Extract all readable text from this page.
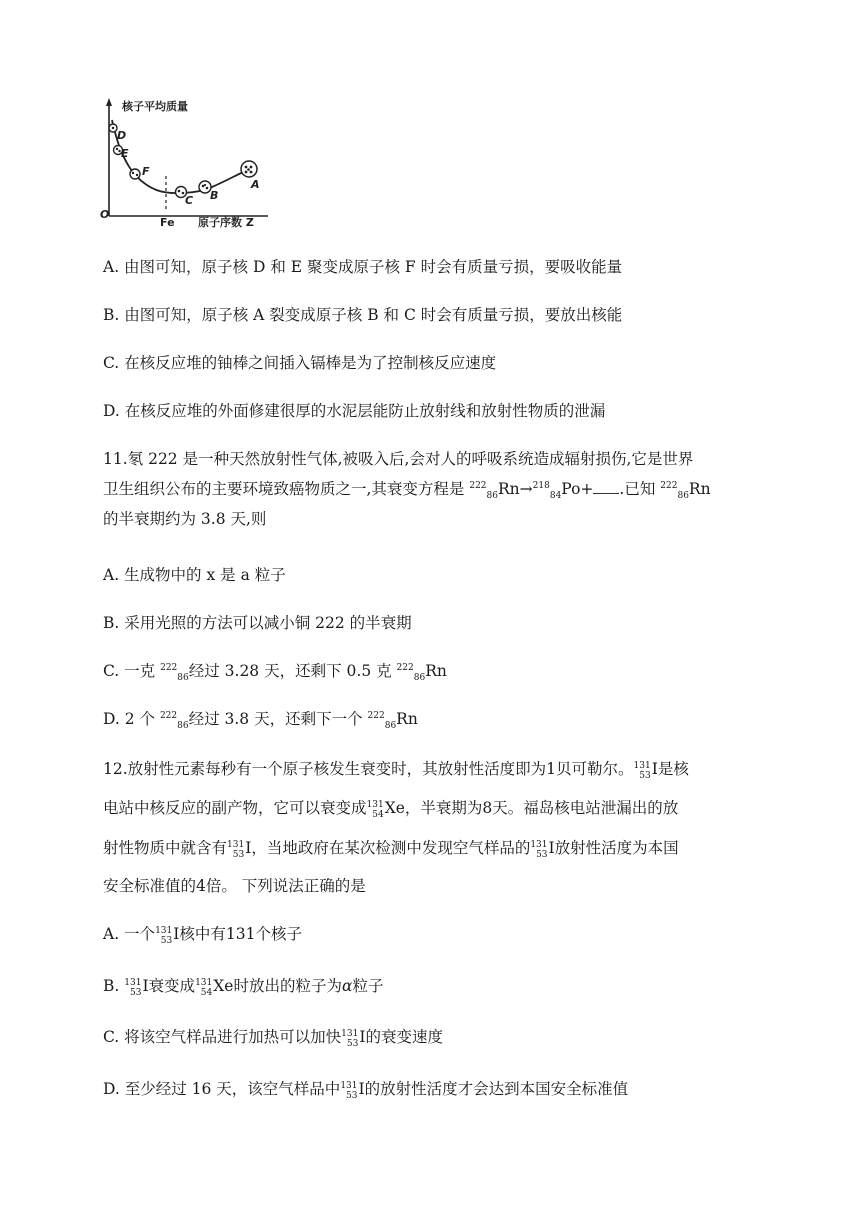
核子平均质量
D
E
F
C B
A
O
Fe 原子序数 Z
A. 由图可知，原子核 D 和 E 聚变成原子核 F 时会有质量亏损，要吸收能量
B. 由图可知，原子核 A 裂变成原子核 B 和 C 时会有质量亏损，要放出核能
C. 在核反应堆的铀棒之间插入镉棒是为了控制核反应速度
D. 在核反应堆的外面修建很厚的水泥层能防止放射线和放射性物质的泄漏
11.氡 222 是一种天然放射性气体,被吸入后,会对人的呼吸系统造成辐射损伤,它是世界
卫生组织公布的主要环境致癌物质之一,其衰变方程是 $^{222}_{86}$Rn→$^{218}_{84}$Po+ .已知 $^{222}_{86}$Rn
的半衰期约为 3.8 天,则
A. 生成物中的 x 是 a 粒子
B. 采用光照的方法可以减小铜 222 的半衰期
C. 一克 $^{222}_{86}$经过 3.28 天，还剩下 0.5 克 $^{222}_{86}$Rn
D. 2 个 $^{222}_{86}$经过 3.8 天，还剩下一个 $^{222}_{86}$Rn
12.放射性元素每秒有一个原子核发生衰变时，其放射性活度即为1贝可勒尔。 131
53 I是核
电站中核反应的副产物，它可以衰变成 131
54 Xe，半衰期为8天。福岛核电站泄漏出的放
射性物质中就含有 131
53 I，当地政府在某次检测中发现空气样品的 131
53 I放射性活度为本国
安全标准值的4倍。 下列说法正确的是
A. 一个 131
53 I核中有131个核子
B. 131
53 I衰变成 131
54 Xe时放出的粒子为α粒子
C. 将该空气样品进行加热可以加快 131
53 I的衰变速度
D. 至少经过 16 天，该空气样品中 131
53 I的放射性活度才会达到本国安全标准值
